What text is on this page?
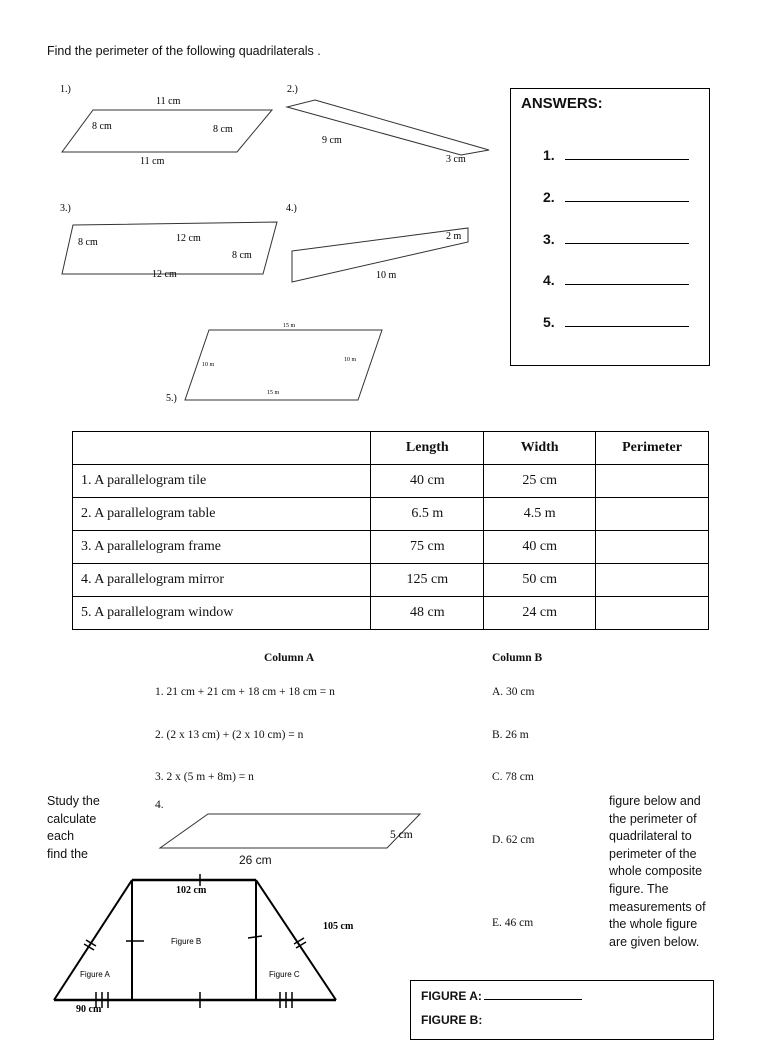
Find the perimeter of the following quadrilaterals .
1.)
11 cm
8 cm	8 cm
11 cm
2.)
9 cm
3 cm
3.)
8 cm	12 cm
8 cm
12 cm
4.)
2 m
10 m
15 m
10 m
10 m
15 m
5.)
ANSWERS:
1.
2.
3.
4.
5.
	Length	Width	Perimeter
1. A parallelogram tile	40 cm	25 cm	
2. A parallelogram table	6.5 m	4.5 m	
3. A parallelogram frame	75 cm	40 cm	
4. A parallelogram mirror	125 cm	50 cm	
5. A parallelogram window	48 cm	24 cm	
Column A	Column B
1. 21 cm + 21 cm + 18 cm + 18 cm = n
2. (2 x 13 cm) + (2 x 10 cm) = n
3. 2 x (5 m + 8m) = n
4.
A. 30 cm
B. 26 m
C. 78 cm
D. 62 cm
E. 46 cm
5 cm
26 cm
Study the
calculate
each
find the
figure below and
the perimeter of
quadrilateral to
perimeter of the
whole composite
figure. The
measurements of
the whole figure
are given below.
102 cm
105 cm
90 cm
Figure B
Figure A	Figure C
FIGURE A:
FIGURE B:
